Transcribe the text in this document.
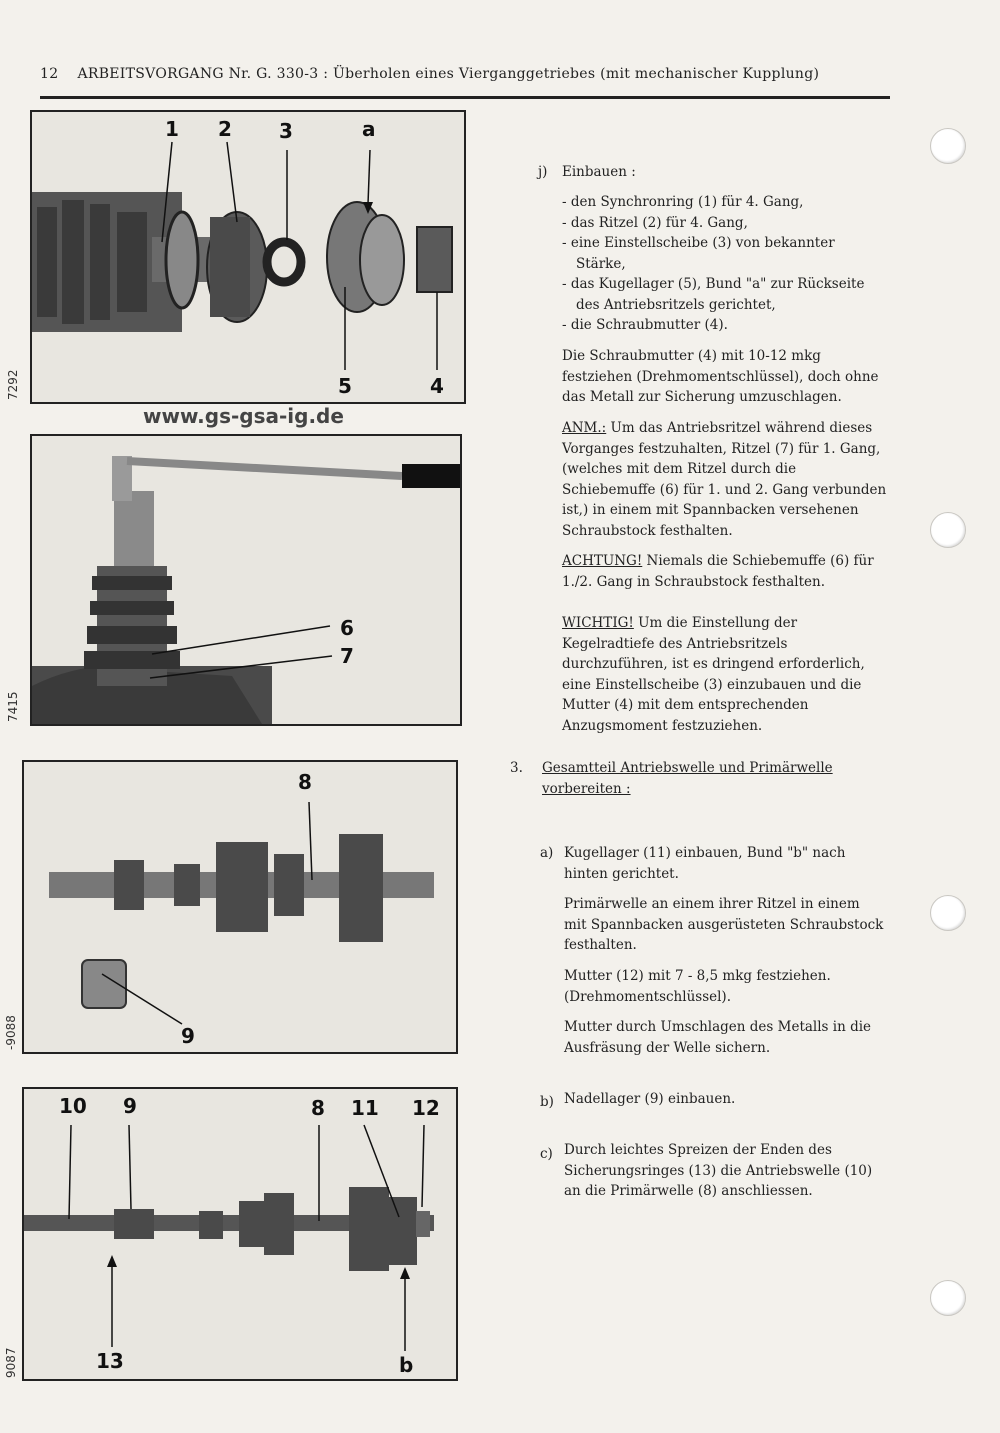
12 ARBEITSVORGANG Nr. G. 330-3 : Überholen eines Vierganggetriebes (mit mechanischer Kupplung)
1 2 3	a
5	4
7292
www.gs-gsa-ig.de
6
7
7415
8
9
-9088
10 9	8 11 12
13	b
9087
j) Einbauen :
- den Synchronring (1) für 4. Gang,
- das Ritzel (2) für 4. Gang,
- eine Einstellscheibe (3) von bekannter Stärke,
- das Kugellager (5), Bund "a" zur Rückseite des Antriebsritzels gerichtet,
- die Schraubmutter (4).
Die Schraubmutter (4) mit 10-12 mkg festziehen (Drehmomentschlüssel), doch ohne das Metall zur Sicherung umzuschlagen.
ANM.: Um das Antriebsritzel während dieses Vorganges festzuhalten, Ritzel (7) für 1. Gang, (welches mit dem Ritzel durch die Schiebemuffe (6) für 1. und 2. Gang verbunden ist,) in einem mit Spannbacken versehenen Schraubstock festhalten.
ACHTUNG! Niemals die Schiebemuffe (6) für 1./2. Gang in Schraubstock festhalten.
WICHTIG! Um die Einstellung der Kegelradtiefe des Antriebsritzels durchzuführen, ist es dringend erforderlich, eine Einstellscheibe (3) einzubauen und die Mutter (4) mit dem entsprechenden Anzugsmoment festzuziehen.
3. Gesamtteil Antriebswelle und Primärwelle vorbereiten :
a) Kugellager (11) einbauen, Bund "b" nach hinten gerichtet.
Primärwelle an einem ihrer Ritzel in einem mit Spannbacken ausgerüsteten Schraubstock festhalten.
Mutter (12) mit 7 - 8,5 mkg festziehen. (Drehmomentschlüssel).
Mutter durch Umschlagen des Metalls in die Ausfräsung der Welle sichern.
b) Nadellager (9) einbauen.
c) Durch leichtes Spreizen der Enden des Sicherungsringes (13) die Antriebswelle (10) an die Primärwelle (8) anschliessen.
